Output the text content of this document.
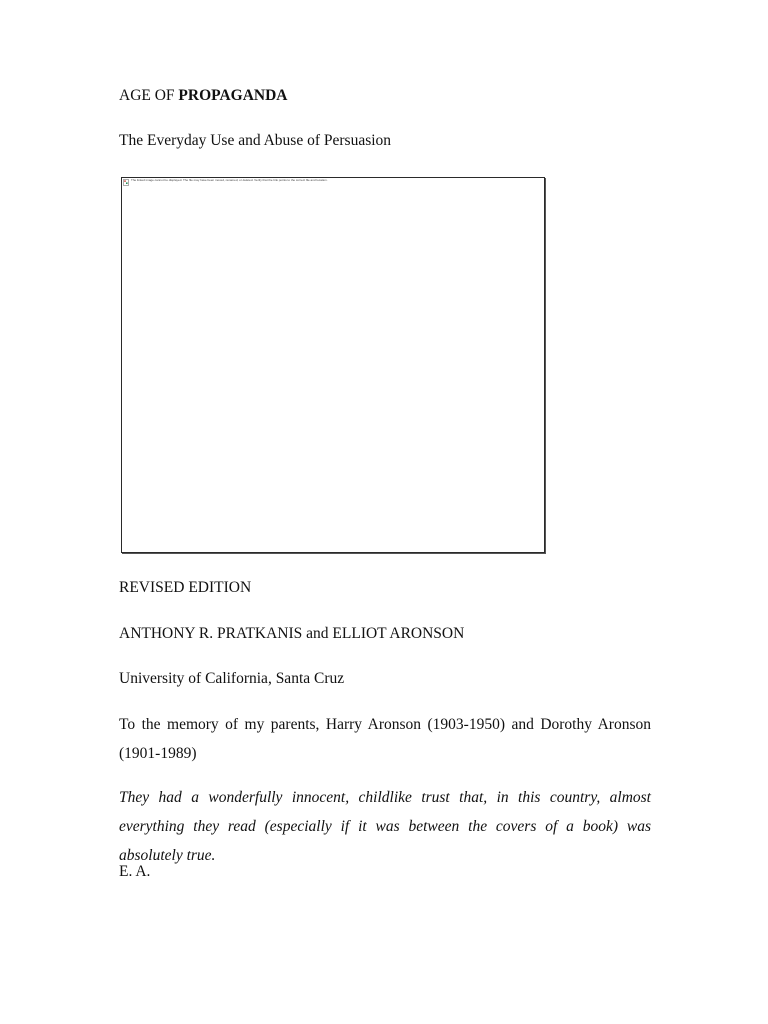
AGE OF PROPAGANDA
The Everyday Use and Abuse of Persuasion
The linked image cannot be displayed. The file may have been moved, renamed, or deleted. Verify that the link points to the correct file and location.
REVISED EDITION
ANTHONY R. PRATKANIS and ELLIOT ARONSON
University of California, Santa Cruz
To the memory of my parents, Harry Aronson (1903-1950) and Dorothy Aronson (1901-1989)
They had a wonderfully innocent, childlike trust that, in this country, almost everything they read (especially if it was between the covers of a book) was absolutely true.
E. A.
